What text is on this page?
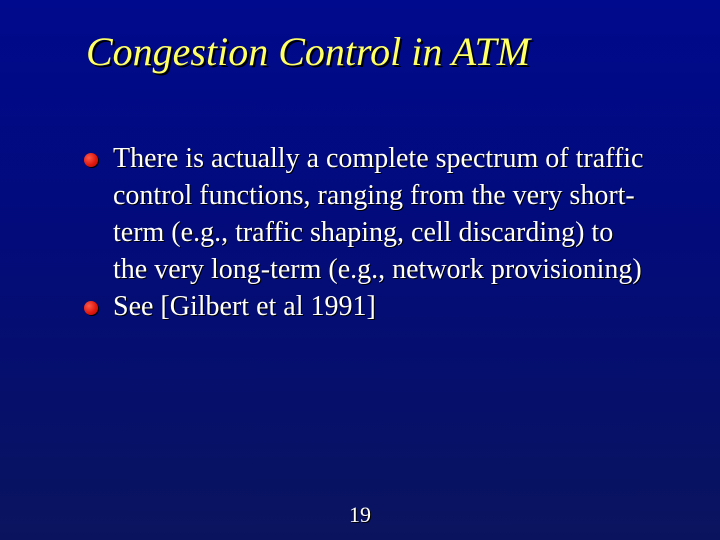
Congestion Control in ATM
There is actually a complete spectrum of traffic control functions, ranging from the very short-term (e.g., traffic shaping, cell discarding) to the very long-term (e.g., network provisioning)
See [Gilbert et al 1991]
19
